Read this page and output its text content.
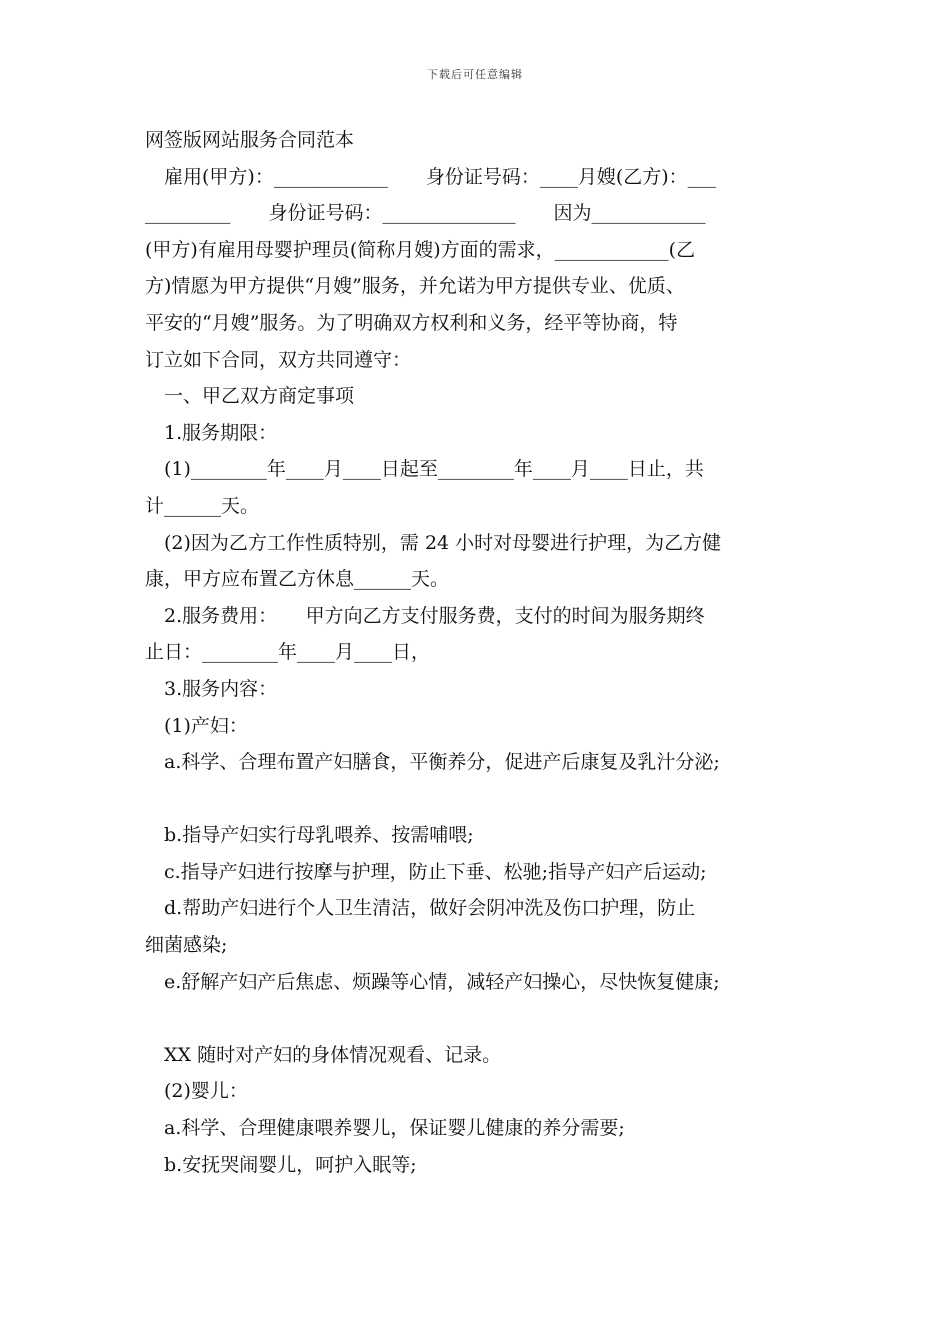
下载后可任意编辑
网签版网站服务合同范本
雇用(甲方)：____________　　身份证号码：____月嫂(乙方)：___
_________　　身份证号码：______________　　因为____________
(甲方)有雇用母婴护理员(简称月嫂)方面的需求，____________(乙
方)情愿为甲方提供“月嫂”服务，并允诺为甲方提供专业、优质、
平安的“月嫂”服务。为了明确双方权利和义务，经平等协商，特
订立如下合同，双方共同遵守：
一、甲乙双方商定事项
1.服务期限：
(1)________年____月____日起至________年____月____日止，共
计______天。
(2)因为乙方工作性质特别，需 24 小时对母婴进行护理，为乙方健
康，甲方应布置乙方休息______天。
2.服务费用：　　甲方向乙方支付服务费，支付的时间为服务期终
止日：________年____月____日，
3.服务内容：
(1)产妇：
a.科学、合理布置产妇膳食，平衡养分，促进产后康复及乳汁分泌;
b.指导产妇实行母乳喂养、按需哺喂;
c.指导产妇进行按摩与护理，防止下垂、松驰;指导产妇产后运动;
d.帮助产妇进行个人卫生清洁，做好会阴冲洗及伤口护理，防止
细菌感染;
e.舒解产妇产后焦虑、烦躁等心情，减轻产妇操心，尽快恢复健康;
XX 随时对产妇的身体情况观看、记录。
(2)婴儿：
a.科学、合理健康喂养婴儿，保证婴儿健康的养分需要;
b.安抚哭闹婴儿，呵护入眠等;
